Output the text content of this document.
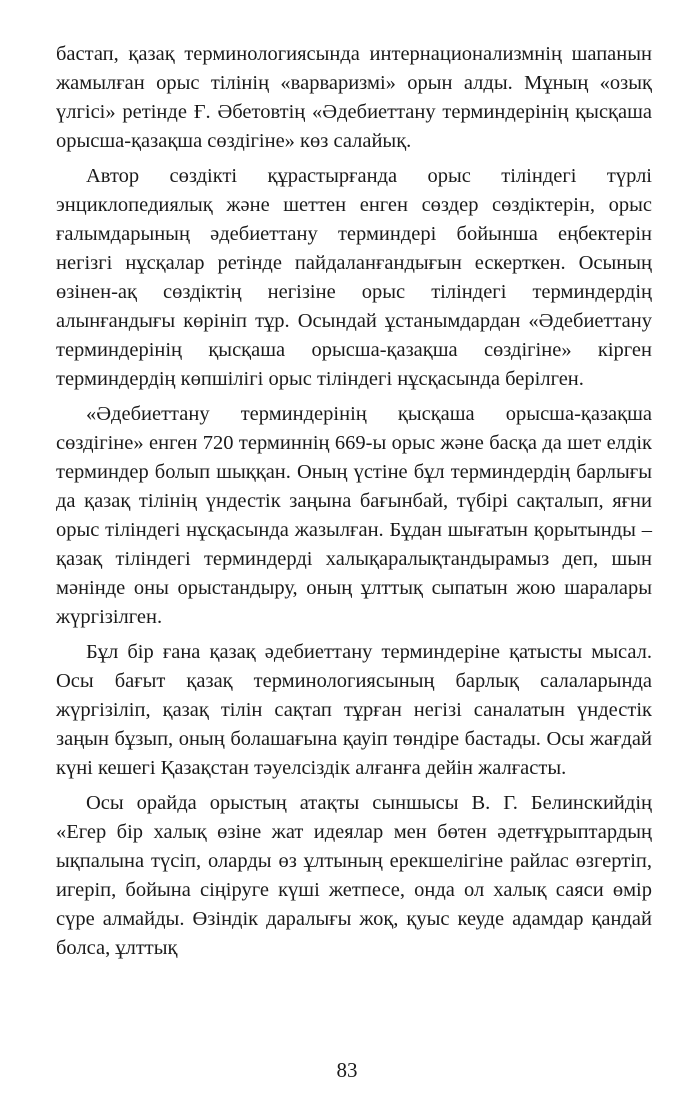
бастап, қазақ терминологиясында интернационализмнің шапанын жамылған орыс тілінің «варваризмі» орын алды. Мұның «озық үлгісі» ретінде Ғ. Әбетовтің «Әдебиеттану терминдерінің қысқаша орысша-қазақша сөздігіне» көз салайық.

Автор сөздікті құрастырғанда орыс тіліндегі түрлі энциклопедиялық және шеттен енген сөздер сөздіктерін, орыс ғалымдарының әдебиеттану терминдері бойынша еңбектерін негізгі нұсқалар ретінде пайдаланғандығын ескерткен. Осының өзінен-ақ сөздіктің негізіне орыс тіліндегі терминдердің алынғандығы көрініп тұр. Осындай ұстанымдардан «Әдебиеттану терминдерінің қысқаша орысша-қазақша сөздігіне» кірген терминдердің көпшілігі орыс тіліндегі нұсқасында берілген.

«Әдебиеттану терминдерінің қысқаша орысша-қазақша сөздігіне» енген 720 терминнің 669-ы орыс және басқа да шет елдік терминдер болып шыққан. Оның үстіне бұл терминдердің барлығы да қазақ тілінің үндестік заңына бағынбай, түбірі сақталып, яғни орыс тіліндегі нұсқасында жазылған. Бұдан шығатын қорытынды – қазақ тіліндегі терминдерді халықаралықтандырамыз деп, шын мәнінде оны орыстандыру, оның ұлттық сыпатын жою шаралары жүргізілген.

Бұл бір ғана қазақ әдебиеттану терминдеріне қатысты мысал. Осы бағыт қазақ терминологиясының барлық салаларында жүргізіліп, қазақ тілін сақтап тұрған негізі саналатын үндестік заңын бұзып, оның болашағына қауіп төндіре бастады. Осы жағдай күні кешегі Қазақстан тәуелсіздік алғанға дейін жалғасты.

Осы орайда орыстың атақты сыншысы В. Г. Белинскийдің «Егер бір халық өзіне жат идеялар мен бөтен әдетғұрыптардың ықпалына түсіп, оларды өз ұлтының ерекшелігіне райлас өзгертіп, игеріп, бойына сіңіруге күші жетпесе, онда ол халық саяси өмір сүре алмайды. Өзіндік даралығы жоқ, қуыс кеуде адамдар қандай болса, ұлттық

83
